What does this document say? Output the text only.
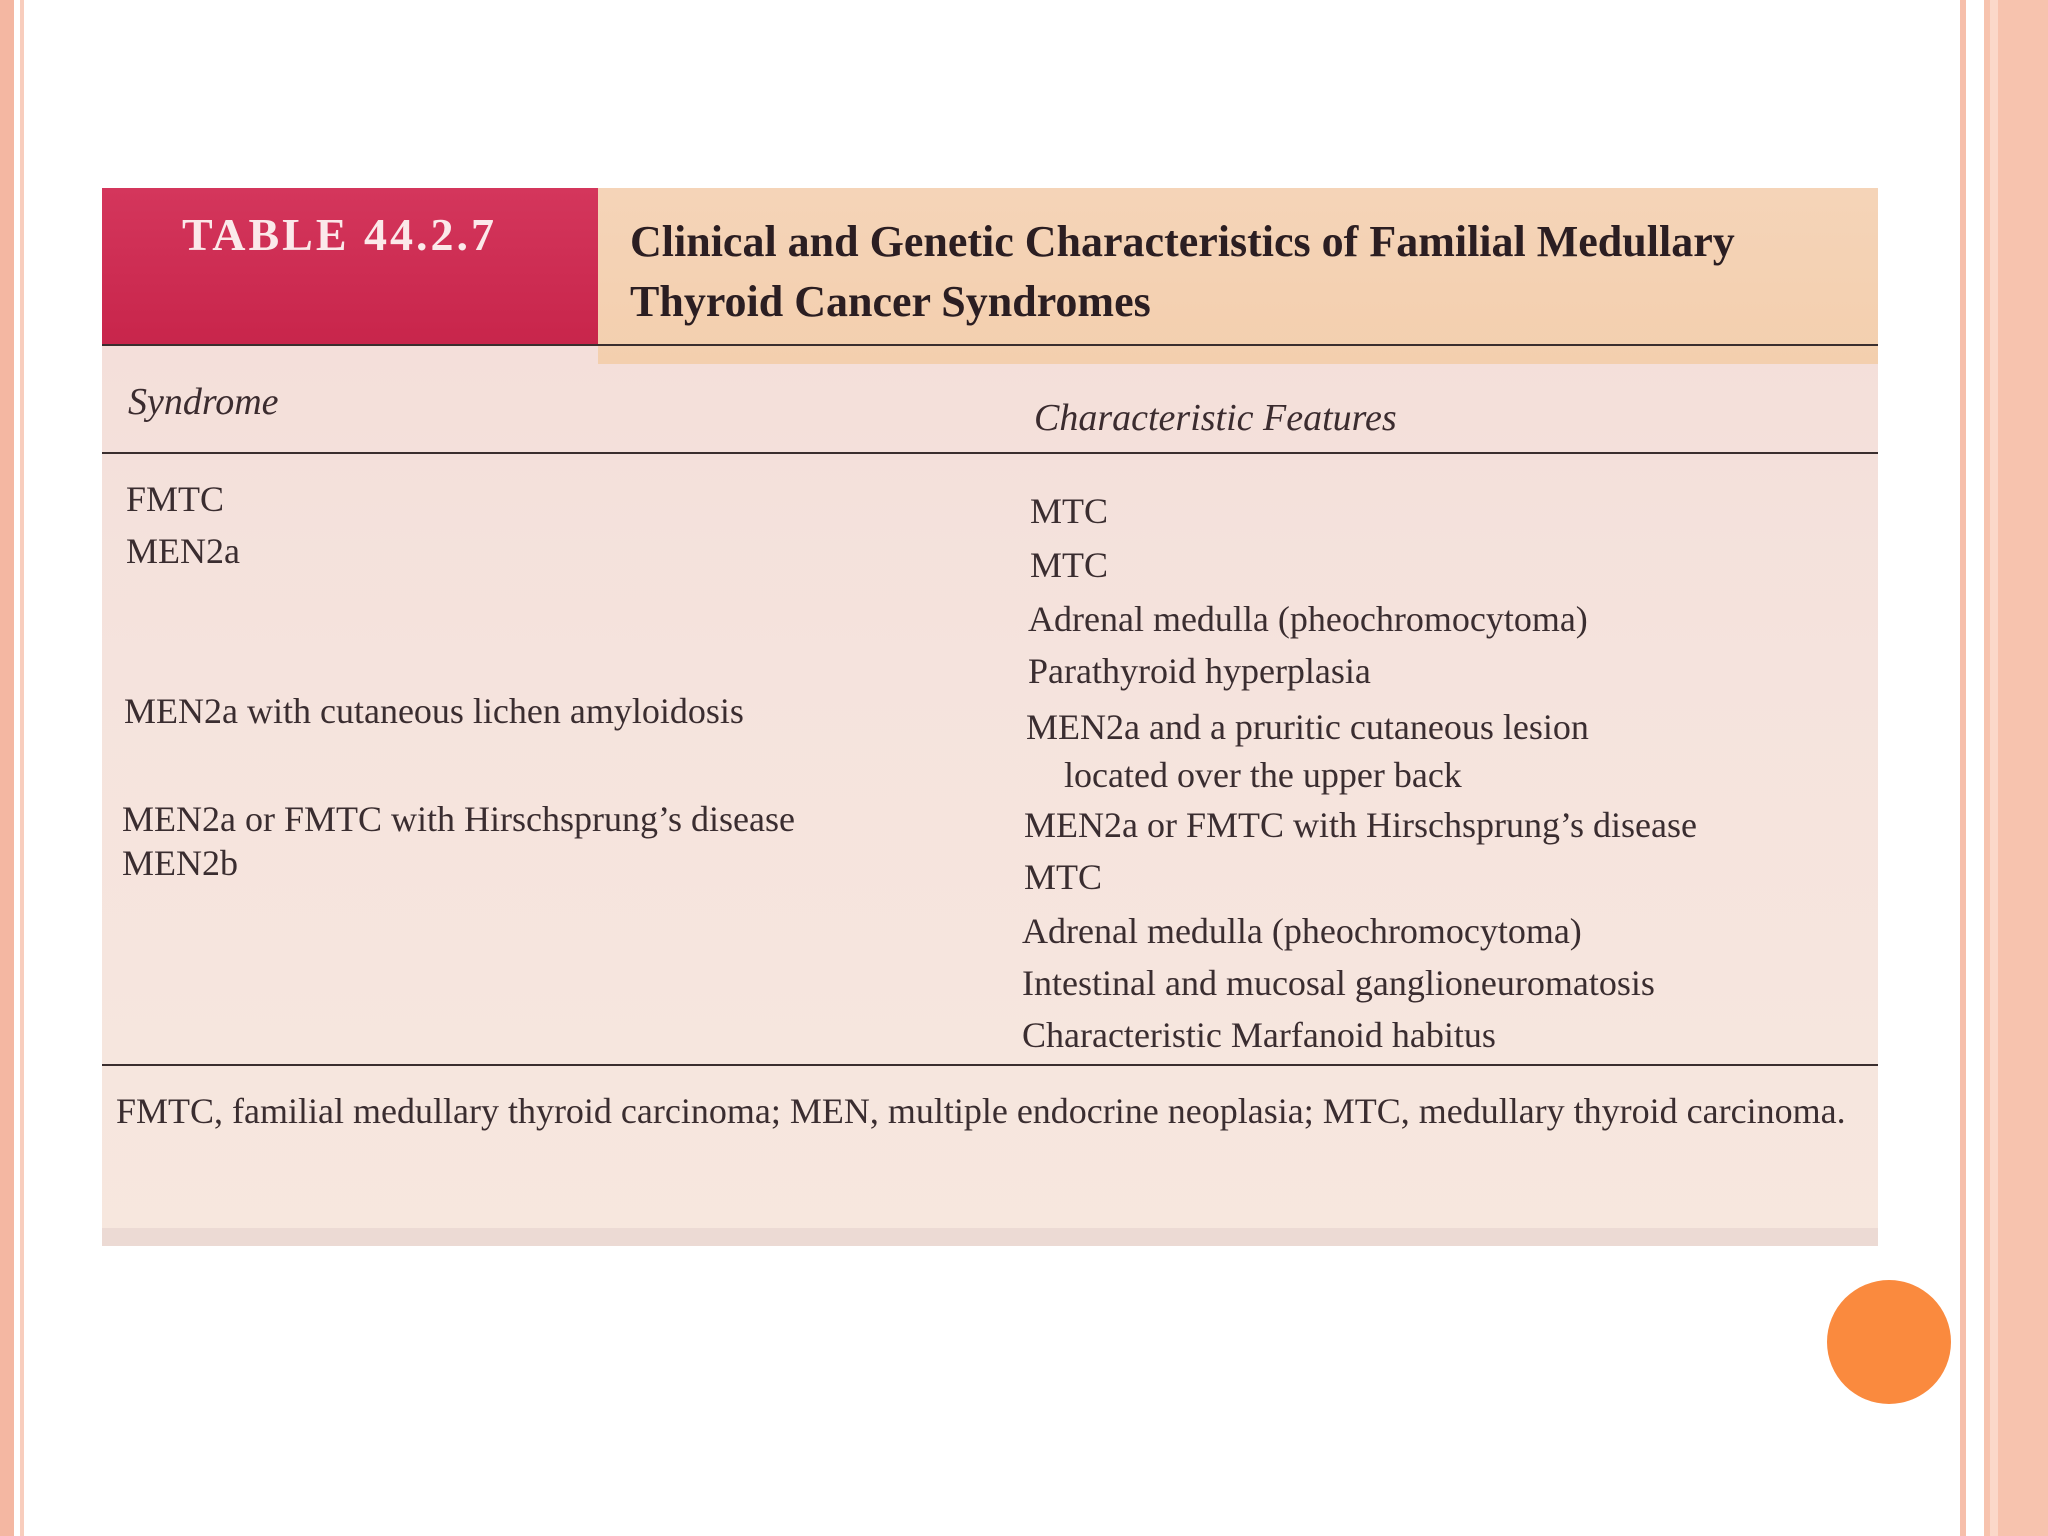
TABLE 44.2.7	Clinical and Genetic Characteristics of Familial Medullary
Thyroid Cancer Syndromes
Syndrome	Characteristic Features
FMTC
MEN2a
MEN2a with cutaneous lichen amyloidosis
MEN2a or FMTC with Hirschsprung’s disease
MEN2b
MTC
MTC
Adrenal medulla (pheochromocytoma)
Parathyroid hyperplasia
MEN2a and a pruritic cutaneous lesion
located over the upper back
MEN2a or FMTC with Hirschsprung’s disease
MTC
Adrenal medulla (pheochromocytoma)
Intestinal and mucosal ganglioneuromatosis
Characteristic Marfanoid habitus
FMTC, familial medullary thyroid carcinoma; MEN, multiple endocrine neoplasia; MTC, medullary thyroid carcinoma.
